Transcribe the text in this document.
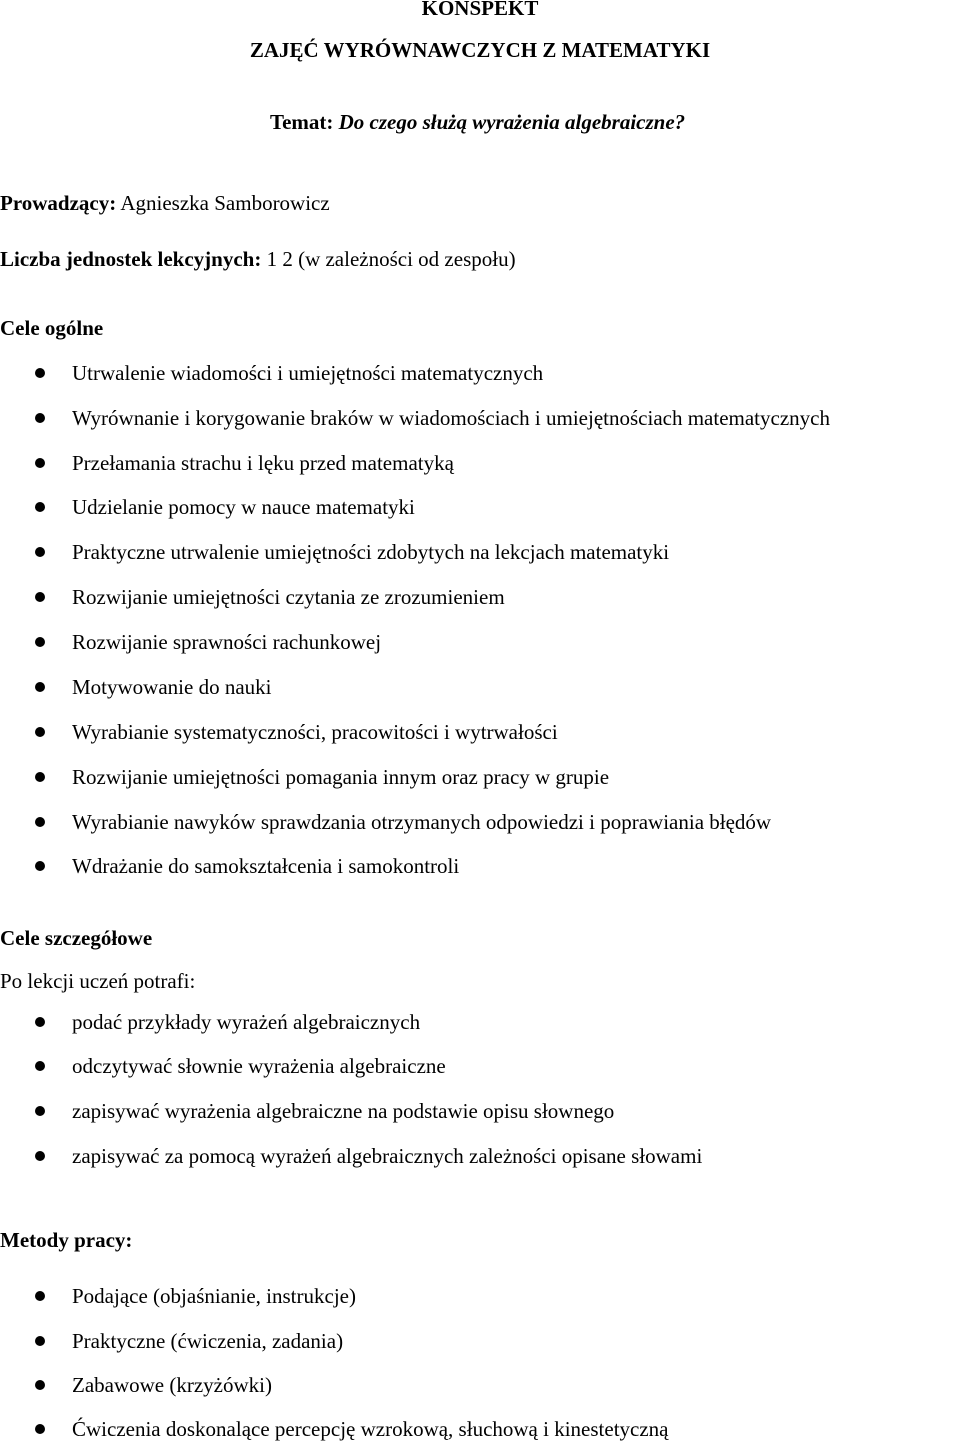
KONSPEKT
ZAJĘĆ WYRÓWNAWCZYCH Z MATEMATYKI
Temat: Do czego służą wyrażenia algebraiczne?
Prowadzący: Agnieszka Samborowicz
Liczba jednostek lekcyjnych: 1 2 (w zależności od zespołu)
Cele ogólne
Utrwalenie wiadomości i umiejętności matematycznych
Wyrównanie i korygowanie braków w wiadomościach i umiejętnościach matematycznych
Przełamania strachu i lęku przed matematyką
Udzielanie pomocy w nauce matematyki
Praktyczne utrwalenie umiejętności zdobytych na lekcjach matematyki
Rozwijanie umiejętności czytania ze zrozumieniem
Rozwijanie sprawności rachunkowej
Motywowanie do nauki
Wyrabianie systematyczności, pracowitości i wytrwałości
Rozwijanie umiejętności pomagania innym oraz pracy w grupie
Wyrabianie nawyków sprawdzania otrzymanych odpowiedzi i poprawiania błędów
Wdrażanie do samokształcenia i samokontroli
Cele szczegółowe
Po lekcji uczeń potrafi:
podać przykłady wyrażeń algebraicznych
odczytywać słownie wyrażenia algebraiczne
zapisywać wyrażenia algebraiczne na podstawie opisu słownego
zapisywać za pomocą wyrażeń algebraicznych zależności opisane słowami
Metody pracy:
Podające (objaśnianie, instrukcje)
Praktyczne (ćwiczenia, zadania)
Zabawowe (krzyżówki)
Ćwiczenia doskonalące percepcję wzrokową, słuchową i kinestetyczną
